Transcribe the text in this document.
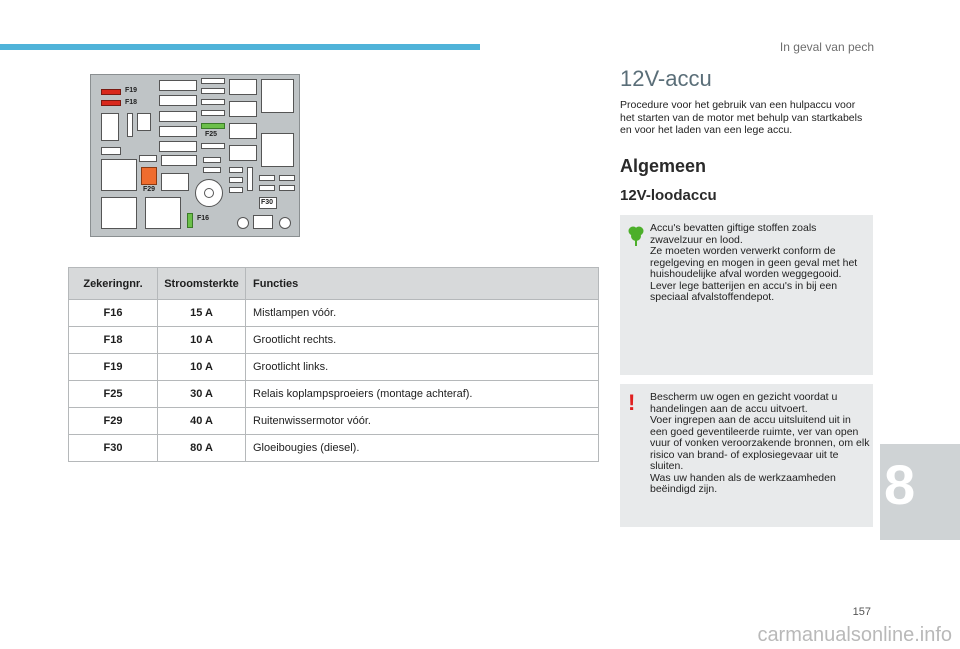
In geval van pech
F19
F18
F25
F29
F16
F30
Zekeringnr.	Stroomsterkte	Functies
F16	15 A	Mistlampen vóór.
F18	10 A	Grootlicht rechts.
F19	10 A	Grootlicht links.
F25	30 A	Relais koplampsproeiers (montage achteraf).
F29	40 A	Ruitenwissermotor vóór.
F30	80 A	Gloeibougies (diesel).
12V-accu

Procedure voor het gebruik van een hulpaccu voor het starten van de motor met behulp van startkabels en voor het laden van een lege accu.

Algemeen
12V-loodaccu
Accu's bevatten giftige stoffen zoals zwavelzuur en lood.
Ze moeten worden verwerkt conform de regelgeving en mogen in geen geval met het huishoudelijke afval worden weggegooid.
Lever lege batterijen en accu's in bij een speciaal afvalstoffendepot.
! Bescherm uw ogen en gezicht voordat u handelingen aan de accu uitvoert.
Voer ingrepen aan de accu uitsluitend uit in een goed geventileerde ruimte, ver van open vuur of vonken veroorzakende bronnen, om elk risico van brand- of explosiegevaar uit te sluiten.
Was uw handen als de werkzaamheden beëindigd zijn.	8
157
carmanualsonline.info
